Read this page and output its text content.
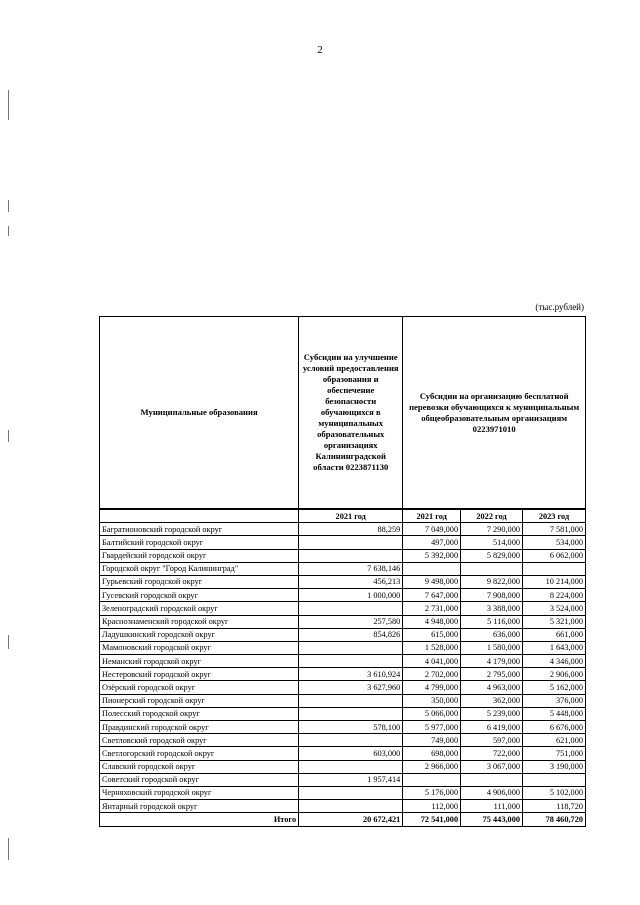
2
(тыс.рублей)
Муниципальные образования	Субсидии на улучшение условий предоставления образования и обеспечение безопасности обучающихся в муниципальных образовательных организациях Калининградской области 0223871130	Субсидии на организацию бесплатной перевозки обучающихся к муниципальным общеобразовательным организациям 0223971010		
	2021 год	2021 год	2022 год	2023 год
Багратионовский городской округ	88,259	7 049,000	7 290,000	7 581,000
Балтийский городской округ		497,000	514,000	534,000
Гвардейский городской округ		5 392,000	5 829,000	6 062,000
Городской округ "Город Калининград"	7 638,146			
Гурьевский городской округ	456,213	9 498,000	9 822,000	10 214,000
Гусевский городской округ	1 000,000	7 647,000	7 908,000	8 224,000
Зеленоградский городской округ		2 731,000	3 388,000	3 524,000
Краснознаменский городской округ	257,580	4 948,000	5 116,000	5 321,000
Ладушкинский городской округ	854,826	615,000	636,000	661,000
Мамоновский городской округ		1 528,000	1 580,000	1 643,000
Неманский городской округ		4 041,000	4 179,000	4 346,000
Нестеровский городской округ	3 610,924	2 702,000	2 795,000	2 906,000
Озёрский городской округ	3 627,960	4 799,000	4 963,000	5 162,000
Пионерский городской округ		350,000	362,000	376,000
Полесский городской округ		5 066,000	5 239,000	5 448,000
Правдинский городской округ	578,100	5 977,000	6 419,000	6 676,000
Светловский городской округ		749,000	597,000	621,000
Светлогорский городской округ	603,000	698,000	722,000	751,000
Славский городской округ		2 966,000	3 067,000	3 190,000
Советский городской округ	1 957,414			
Черняховский городской округ		5 176,000	4 906,000	5 102,000
Янтарный городской округ		112,000	111,000	118,720
Итого	20 672,421	72 541,000	75 443,000	78 460,720
